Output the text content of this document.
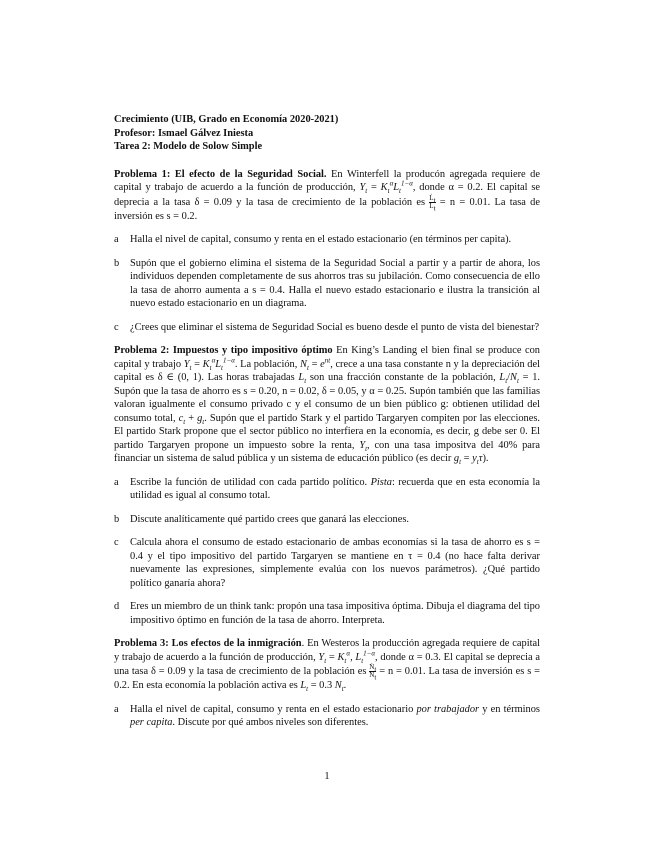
Crecimiento (UIB, Grado en Economía 2020-2021)

Profesor: Ismael Gálvez Iniesta

Tarea 2: Modelo de Solow Simple

Problema 1: El efecto de la Seguridad Social. En Winterfell la producón agregada requiere de capital y trabajo de acuerdo a la función de producción, $Y_t = K_t^\alpha L_t^{1-\alpha}$, donde α = 0.2. El capital se deprecia a la tasa δ = 0.09 y la tasa de crecimiento de la población es $\frac{L̇_t}{L_t} = n = 0.01$. La tasa de inversión es s = 0.2.
a Halla el nivel de capital, consumo y renta en el estado estacionario (en términos per capita).
b Supón que el gobierno elimina el sistema de la Seguridad Social a partir y a partir de ahora, los individuos dependen completamente de sus ahorros tras su jubilación. Como consecuencia de ello la tasa de ahorro aumenta a s = 0.4. Halla el nuevo estado estacionario e ilustra la transición al nuevo estado estacionario en un diagrama.
c ¿Crees que eliminar el sistema de Seguridad Social es bueno desde el punto de vista del bienestar?
Problema 2: Impuestos y tipo impositivo óptimo En King’s Landing el bien final se produce con capital y trabajo $Y_t = K_t^\alpha L_t^{1-\alpha}$. La población, $N_t = e^{nt}$, crece a una tasa constante n y la depreciación del capital es δ ∈ (0, 1). Las horas trabajadas $L_t$ son una fracción constante de la población, $L_t/N_t = 1$. Supón que la tasa de ahorro es s = 0.20, n = 0.02, δ = 0.05, y α = 0.25. Supón también que las familias valoran igualmente el consumo privado c y el consumo de un bien público g: obtienen utilidad del consumo total, $c_t + g_t$. Supón que el partido Stark y el partido Targaryen compiten por las elecciones. El partido Stark propone que el sector público no interfiera en la economía, es decir, g debe ser 0. El partido Targaryen propone un impuesto sobre la renta, $Y_t$, con una tasa impositva del 40% para financiar un sistema de salud pública y un sistema de educación público (es decir $g_t = y_t\tau$).
a Escribe la función de utilidad con cada partido político. Pista: recuerda que en esta economía la utilidad es igual al consumo total.
b Discute analíticamente qué partido crees que ganará las elecciones.
c Calcula ahora el consumo de estado estacionario de ambas economías si la tasa de ahorro es s = 0.4 y el tipo impositivo del partido Targaryen se mantiene en τ = 0.4 (no hace falta derivar nuevamente las expresiones, simplemente evalúa con los nuevos parámetros). ¿Qué partido político ganaría ahora?
d Eres un miembro de un think tank: propón una tasa impositiva óptima. Dibuja el diagrama del tipo impositivo óptimo en función de la tasa de ahorro. Interpreta.
Problema 3: Los efectos de la inmigración. En Westeros la producción agregada requiere de capital y trabajo de acuerdo a la función de producción, $Y_t = K_t^\alpha$, $L_t^{1-\alpha}$, donde α = 0.3. El capital se deprecia a una tasa δ = 0.09 y la tasa de crecimiento de la población es $\frac{Ṅ_t}{N_t} = n = 0.01$. La tasa de inversión es s = 0.2. En esta economía la población activa es $L_t = 0.3$ $N_t$.
a Halla el nivel de capital, consumo y renta en el estado estacionario por trabajador y en términos per capita. Discute por qué ambos niveles son diferentes.
1
